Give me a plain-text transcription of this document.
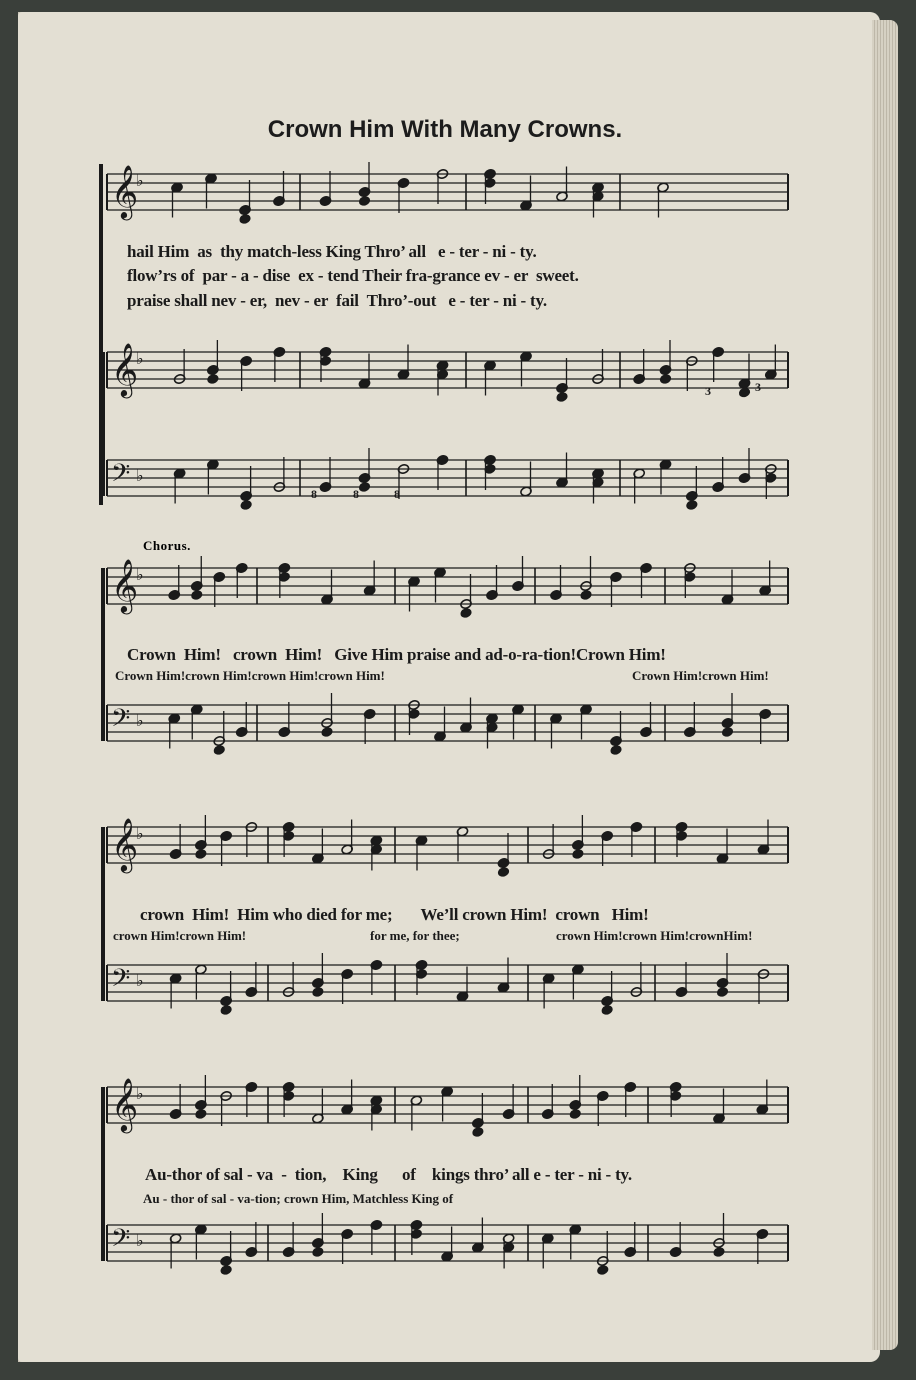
Crown Him With Many Crowns.
𝄞
♭
𝄞
♭
𝄢 ♭
𝄞
♭
𝄢 ♭
𝄞
♭
𝄢 ♭
𝄞
♭
𝄢 ♭
hail Him  as  thy match-less King Thro’ all   e - ter - ni - ty.
flow’rs of  par - a - dise  ex - tend Their fra-grance ev - er  sweet.
praise shall nev - er,  nev - er  fail  Thro’-out   e - ter - ni - ty.
3	3
8	8	8
Chorus.
Crown  Him!   crown  Him!   Give Him praise and ad-o-ra-tion!Crown Him!
Crown Him!crown Him!crown Him!crown Him!	Crown Him!crown Him!
crown  Him!  Him who died for me;       We’ll crown Him!  crown   Him!
crown Him!crown Him!	for me, for thee;	crown Him!crown Him!crownHim!
Au-thor of sal - va  -  tion,    King      of    kings thro’ all e - ter - ni - ty.
Au - thor of sal - va-tion; crown Him, Matchless King of
